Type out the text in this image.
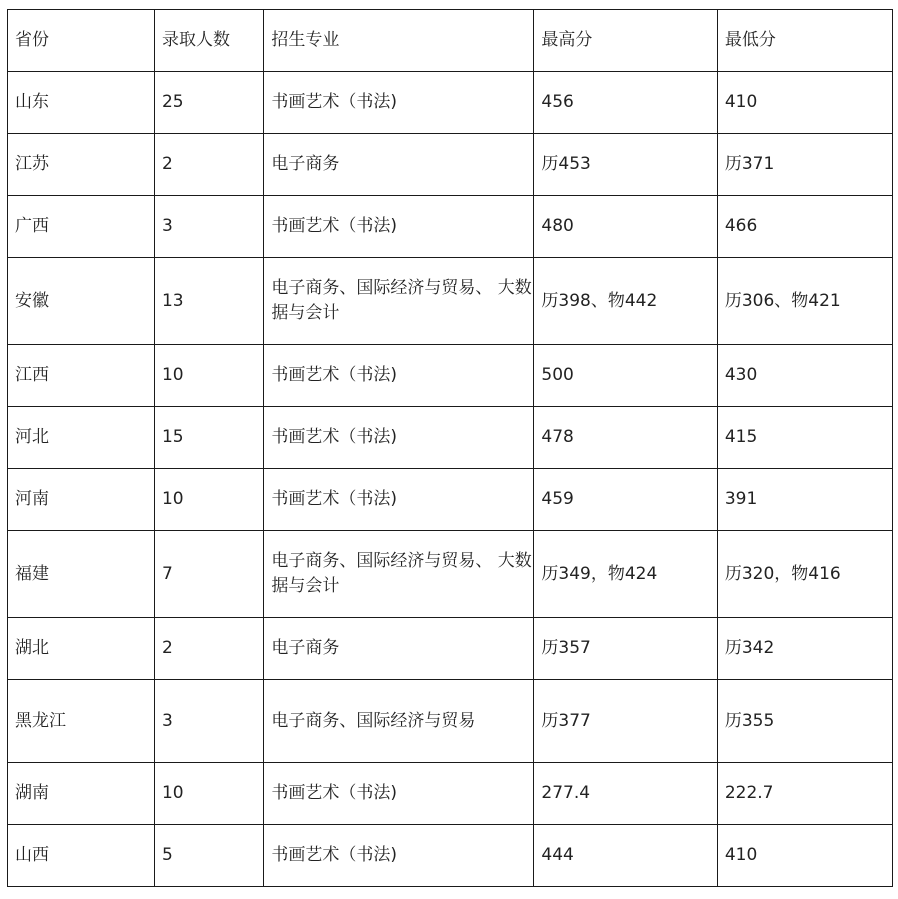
省份	录取人数	招生专业	最高分	最低分
山东	25	书画艺术（书法)	456	410
江苏	2	电子商务	历453	历371
广西	3	书画艺术（书法)	480	466
安徽	13	电子商务、国际经济与贸易、 大数据与会计	历398、物442	历306、物421
江西	10	书画艺术（书法)	500	430
河北	15	书画艺术（书法)	478	415
河南	10	书画艺术（书法)	459	391
福建	7	电子商务、国际经济与贸易、 大数据与会计	历349，物424	历320，物416
湖北	2	电子商务	历357	历342
黑龙江	3	电子商务、国际经济与贸易	历377	历355
湖南	10	书画艺术（书法)	277.4	222.7
山西	5	书画艺术（书法)	444	410
